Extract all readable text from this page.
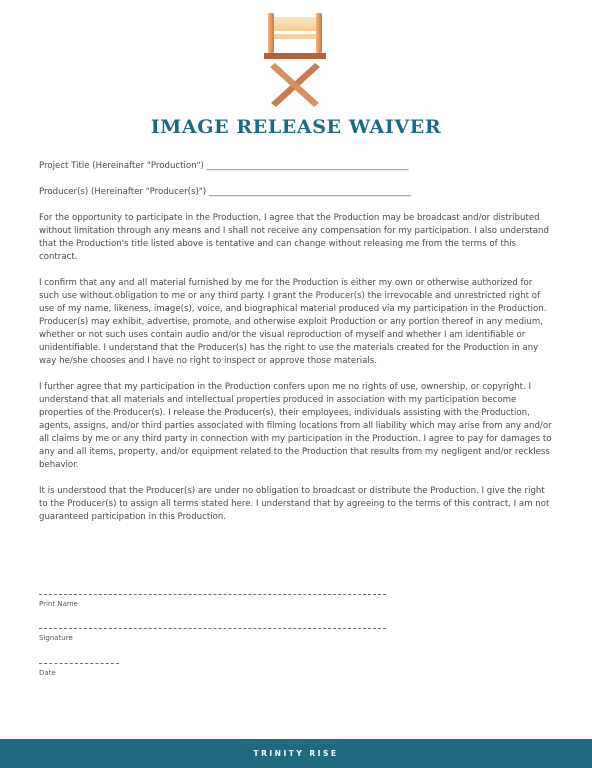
IMAGE RELEASE WAIVER
Project Title (Hereinafter "Production") _______________________________________________
Producer(s) (Hereinafter "Producer(s)") _______________________________________________

For the opportunity to participate in the Production, I agree that the Production may be broadcast and/or distributed without limitation through any means and I shall not receive any compensation for my participation. I also understand that the Production's title listed above is tentative and can change without releasing me from the terms of this contract.

I confirm that any and all material furnished by me for the Production is either my own or otherwise authorized for such use without obligation to me or any third party. I grant the Producer(s) the irrevocable and unrestricted right of use of my name, likeness, image(s), voice, and biographical material produced via my participation in the Production. Producer(s) may exhibit, advertise, promote, and otherwise exploit Production or any portion thereof in any medium, whether or not such uses contain audio and/or the visual reproduction of myself and whether I am identifiable or unidentifiable. I understand that the Producer(s) has the right to use the materials created for the Production in any way he/she chooses and I have no right to inspect or approve those materials.

I further agree that my participation in the Production confers upon me no rights of use, ownership, or copyright. I understand that all materials and intellectual properties produced in association with my participation become properties of the Producer(s). I release the Producer(s), their employees, individuals assisting with the Production, agents, assigns, and/or third parties associated with filming locations from all liability which may arise from any and/or all claims by me or any third party in connection with my participation in the Production. I agree to pay for damages to any and all items, property, and/or equipment related to the Production that results from my negligent and/or reckless behavior.

It is understood that the Producer(s) are under no obligation to broadcast or distribute the Production. I give the right to the Producer(s) to assign all terms stated here. I understand that by agreeing to the terms of this contract, I am not guaranteed participation in this Production.

Print Name
Signature
Date
TRINITY RISE
